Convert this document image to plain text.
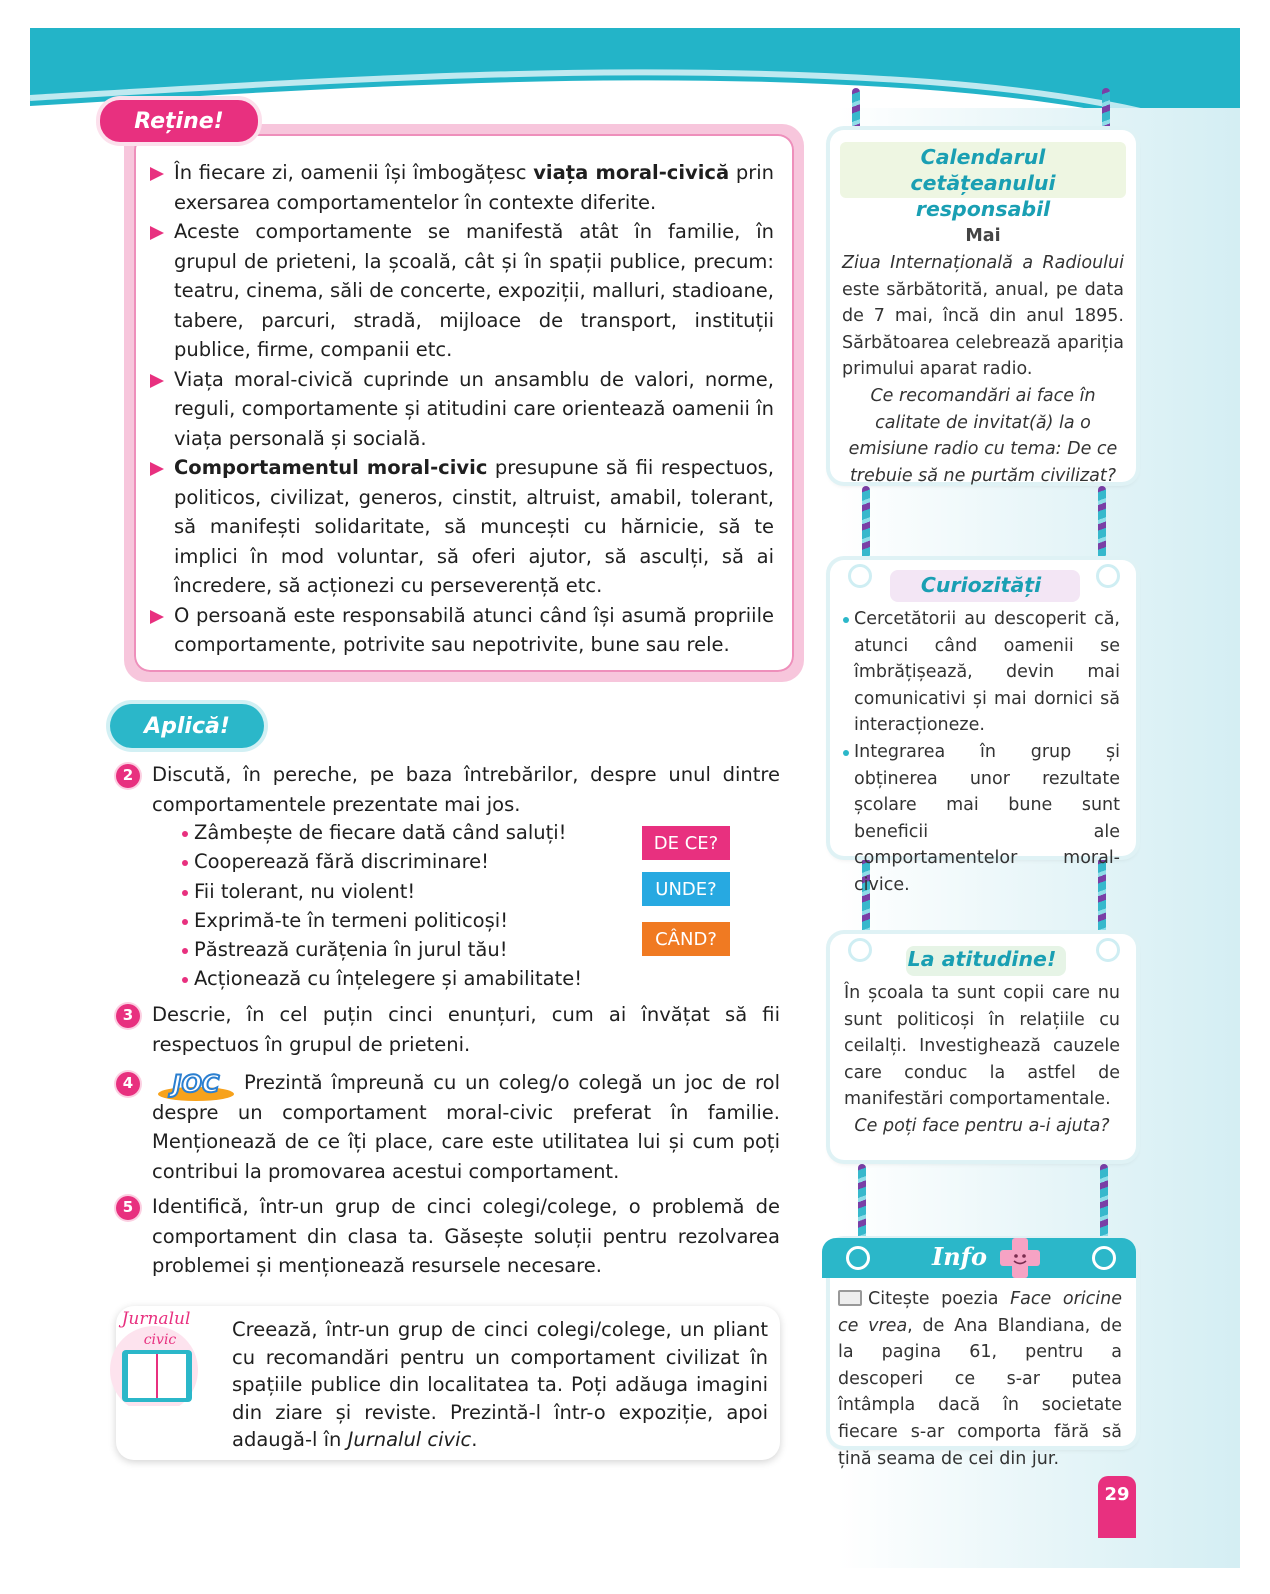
În fiecare zi, oamenii își îmbogățesc viața moral-civică prin exersarea comportamentelor în contexte diferite.
Aceste comportamente se manifestă atât în familie, în grupul de prieteni, la școală, cât și în spații publice, precum: teatru, cinema, săli de concerte, expoziții, malluri, stadioane, tabere, parcuri, stradă, mijloace de transport, instituții publice, firme, companii etc.
Viața moral-civică cuprinde un ansamblu de valori, norme, reguli, comportamente și atitudini care orientează oamenii în viața personală și socială.
Comportamentul moral-civic presupune să fii respectuos, politicos, civilizat, generos, cinstit, altruist, amabil, tolerant, să manifești solidaritate, să muncești cu hărnicie, să te implici în mod voluntar, să oferi ajutor, să asculți, să ai încredere, să acționezi cu perseverență etc.
O persoană este responsabilă atunci când își asumă propriile comportamente, potrivite sau nepotrivite, bune sau rele.
Reține!
Aplică!
2 Discută, în pereche, pe baza întrebărilor, despre unul dintre comportamentele prezentate mai jos.
Zâmbește de fiecare dată când saluți!
Cooperează fără discriminare!
Fii tolerant, nu violent!
Exprimă-te în termeni politicoși!
Păstrează curățenia în jurul tău!
Acționează cu înțelegere și amabilitate!
DE CE?
UNDE?
CÂND?
3 Descrie, în cel puțin cinci enunțuri, cum ai învățat să fii respectuos în grupul de prieteni.
4	Prezintă împreună cu un coleg/o colegă un joc de rol despre un comportament moral-civic preferat în familie. Menționează de ce îți place, care este utilitatea lui și cum poți contribui la promovarea acestui comportament.
JOC
5 Identifică, într-un grup de cinci colegi/colege, o problemă de comportament din clasa ta. Găsește soluții pentru rezolvarea problemei și menționează resursele necesare.
Jurnalul
civic	Creează, într-un grup de cinci colegi/colege, un pliant cu recomandări pentru un comportament civilizat în spațiile publice din localitatea ta. Poți adăuga imagini din ziare și reviste. Prezintă-l într-o expoziție, apoi adaugă-l în Jurnalul civic.
Calendarul
cetățeanului responsabil
Mai
Ziua Internațională a Radioului este sărbătorită, anual, pe data de 7 mai, încă din anul 1895. Sărbătoarea celebrează apariția primului aparat radio.
Ce recomandări ai face în calitate de invitat(ă) la o emisiune radio cu tema: De ce trebuie să ne purtăm civilizat?
Curiozități
Cercetătorii au descoperit că, atunci când oamenii se îmbrățișează, devin mai comunicativi și mai dornici să interacționeze.
Integrarea în grup și obținerea unor rezultate școlare mai bune sunt beneficii ale comportamentelor moral-civice.
La atitudine!
În școala ta sunt copii care nu sunt politicoși în relațiile cu ceilalți. Investighează cauzele care conduc la astfel de manifestări comportamentale.
Ce poți face pentru a-i ajuta?
Info
Citește poezia Face oricine ce vrea, de Ana Blandiana, de la pagina 61, pentru a descoperi ce s-ar putea întâmpla dacă în societate fiecare s-ar comporta fără să țină seama de cei din jur.
29
